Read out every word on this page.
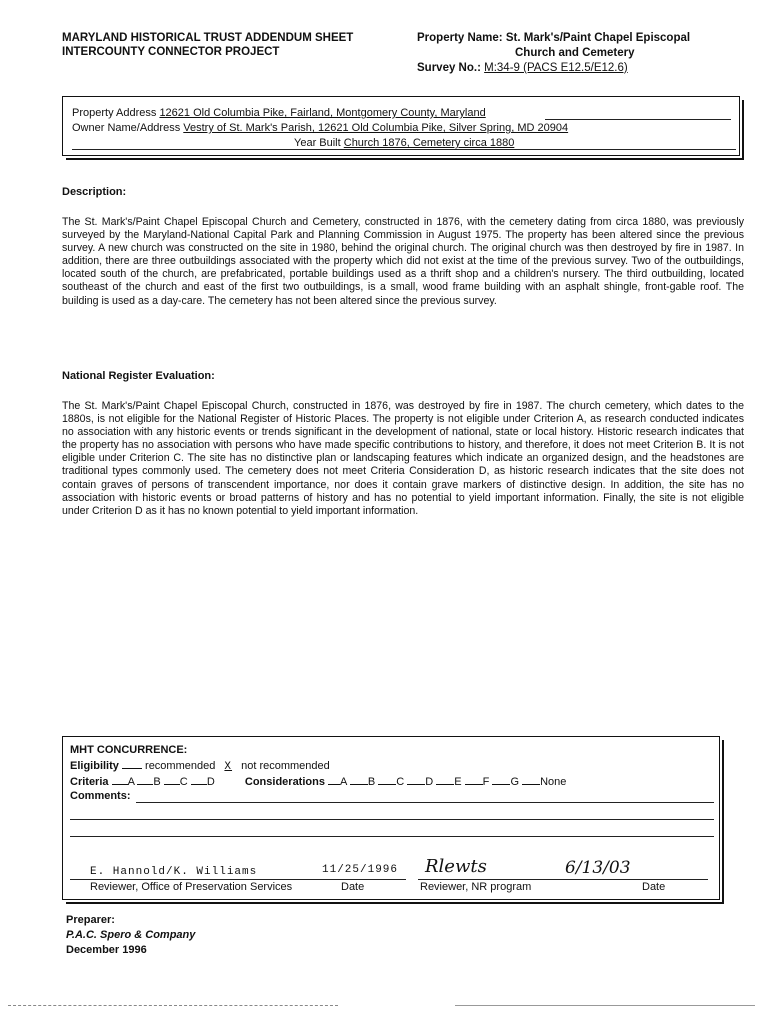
MARYLAND HISTORICAL TRUST ADDENDUM SHEET
INTERCOUNTY CONNECTOR PROJECT
Property Name: St. Mark's/Paint Chapel Episcopal
Church and Cemetery
Survey No.: M:34-9 (PACS E12.5/E12.6)
Property Address 12621 Old Columbia Pike, Fairland, Montgomery County, Maryland
Owner Name/Address Vestry of St. Mark's Parish, 12621 Old Columbia Pike, Silver Spring, MD 20904
Year Built Church 1876, Cemetery circa 1880
Description:
The St. Mark's/Paint Chapel Episcopal Church and Cemetery, constructed in 1876, with the cemetery dating from circa 1880, was previously surveyed by the Maryland-National Capital Park and Planning Commission in August 1975. The property has been altered since the previous survey. A new church was constructed on the site in 1980, behind the original church. The original church was then destroyed by fire in 1987. In addition, there are three outbuildings associated with the property which did not exist at the time of the previous survey. Two of the outbuildings, located south of the church, are prefabricated, portable buildings used as a thrift shop and a children's nursery. The third outbuilding, located southeast of the church and east of the first two outbuildings, is a small, wood frame building with an asphalt shingle, front-gable roof. The building is used as a day-care. The cemetery has not been altered since the previous survey.
National Register Evaluation:
The St. Mark's/Paint Chapel Episcopal Church, constructed in 1876, was destroyed by fire in 1987. The church cemetery, which dates to the 1880s, is not eligible for the National Register of Historic Places. The property is not eligible under Criterion A, as research conducted indicates no association with any historic events or trends significant in the development of national, state or local history. Historic research indicates that the property has no association with persons who have made specific contributions to history, and therefore, it does not meet Criterion B. It is not eligible under Criterion C. The site has no distinctive plan or landscaping features which indicate an organized design, and the headstones are traditional types commonly used. The cemetery does not meet Criteria Consideration D, as historic research indicates that the site does not contain graves of persons of transcendent importance, nor does it contain grave markers of distinctive design. In addition, the site has no association with historic events or broad patterns of history and has no potential to yield important information. Finally, the site is not eligible under Criterion D as it has no known potential to yield important information.
MHT CONCURRENCE:
Eligibility recommended X not recommended
Criteria A B C D	Considerations A B C D E F G None
Comments:
E. Hannold/K. Williams	11/25/1996 Rlewts	6/13/03
Reviewer, Office of Preservation Services	Date	Reviewer, NR program	Date
Preparer:
P.A.C. Spero & Company
December 1996
